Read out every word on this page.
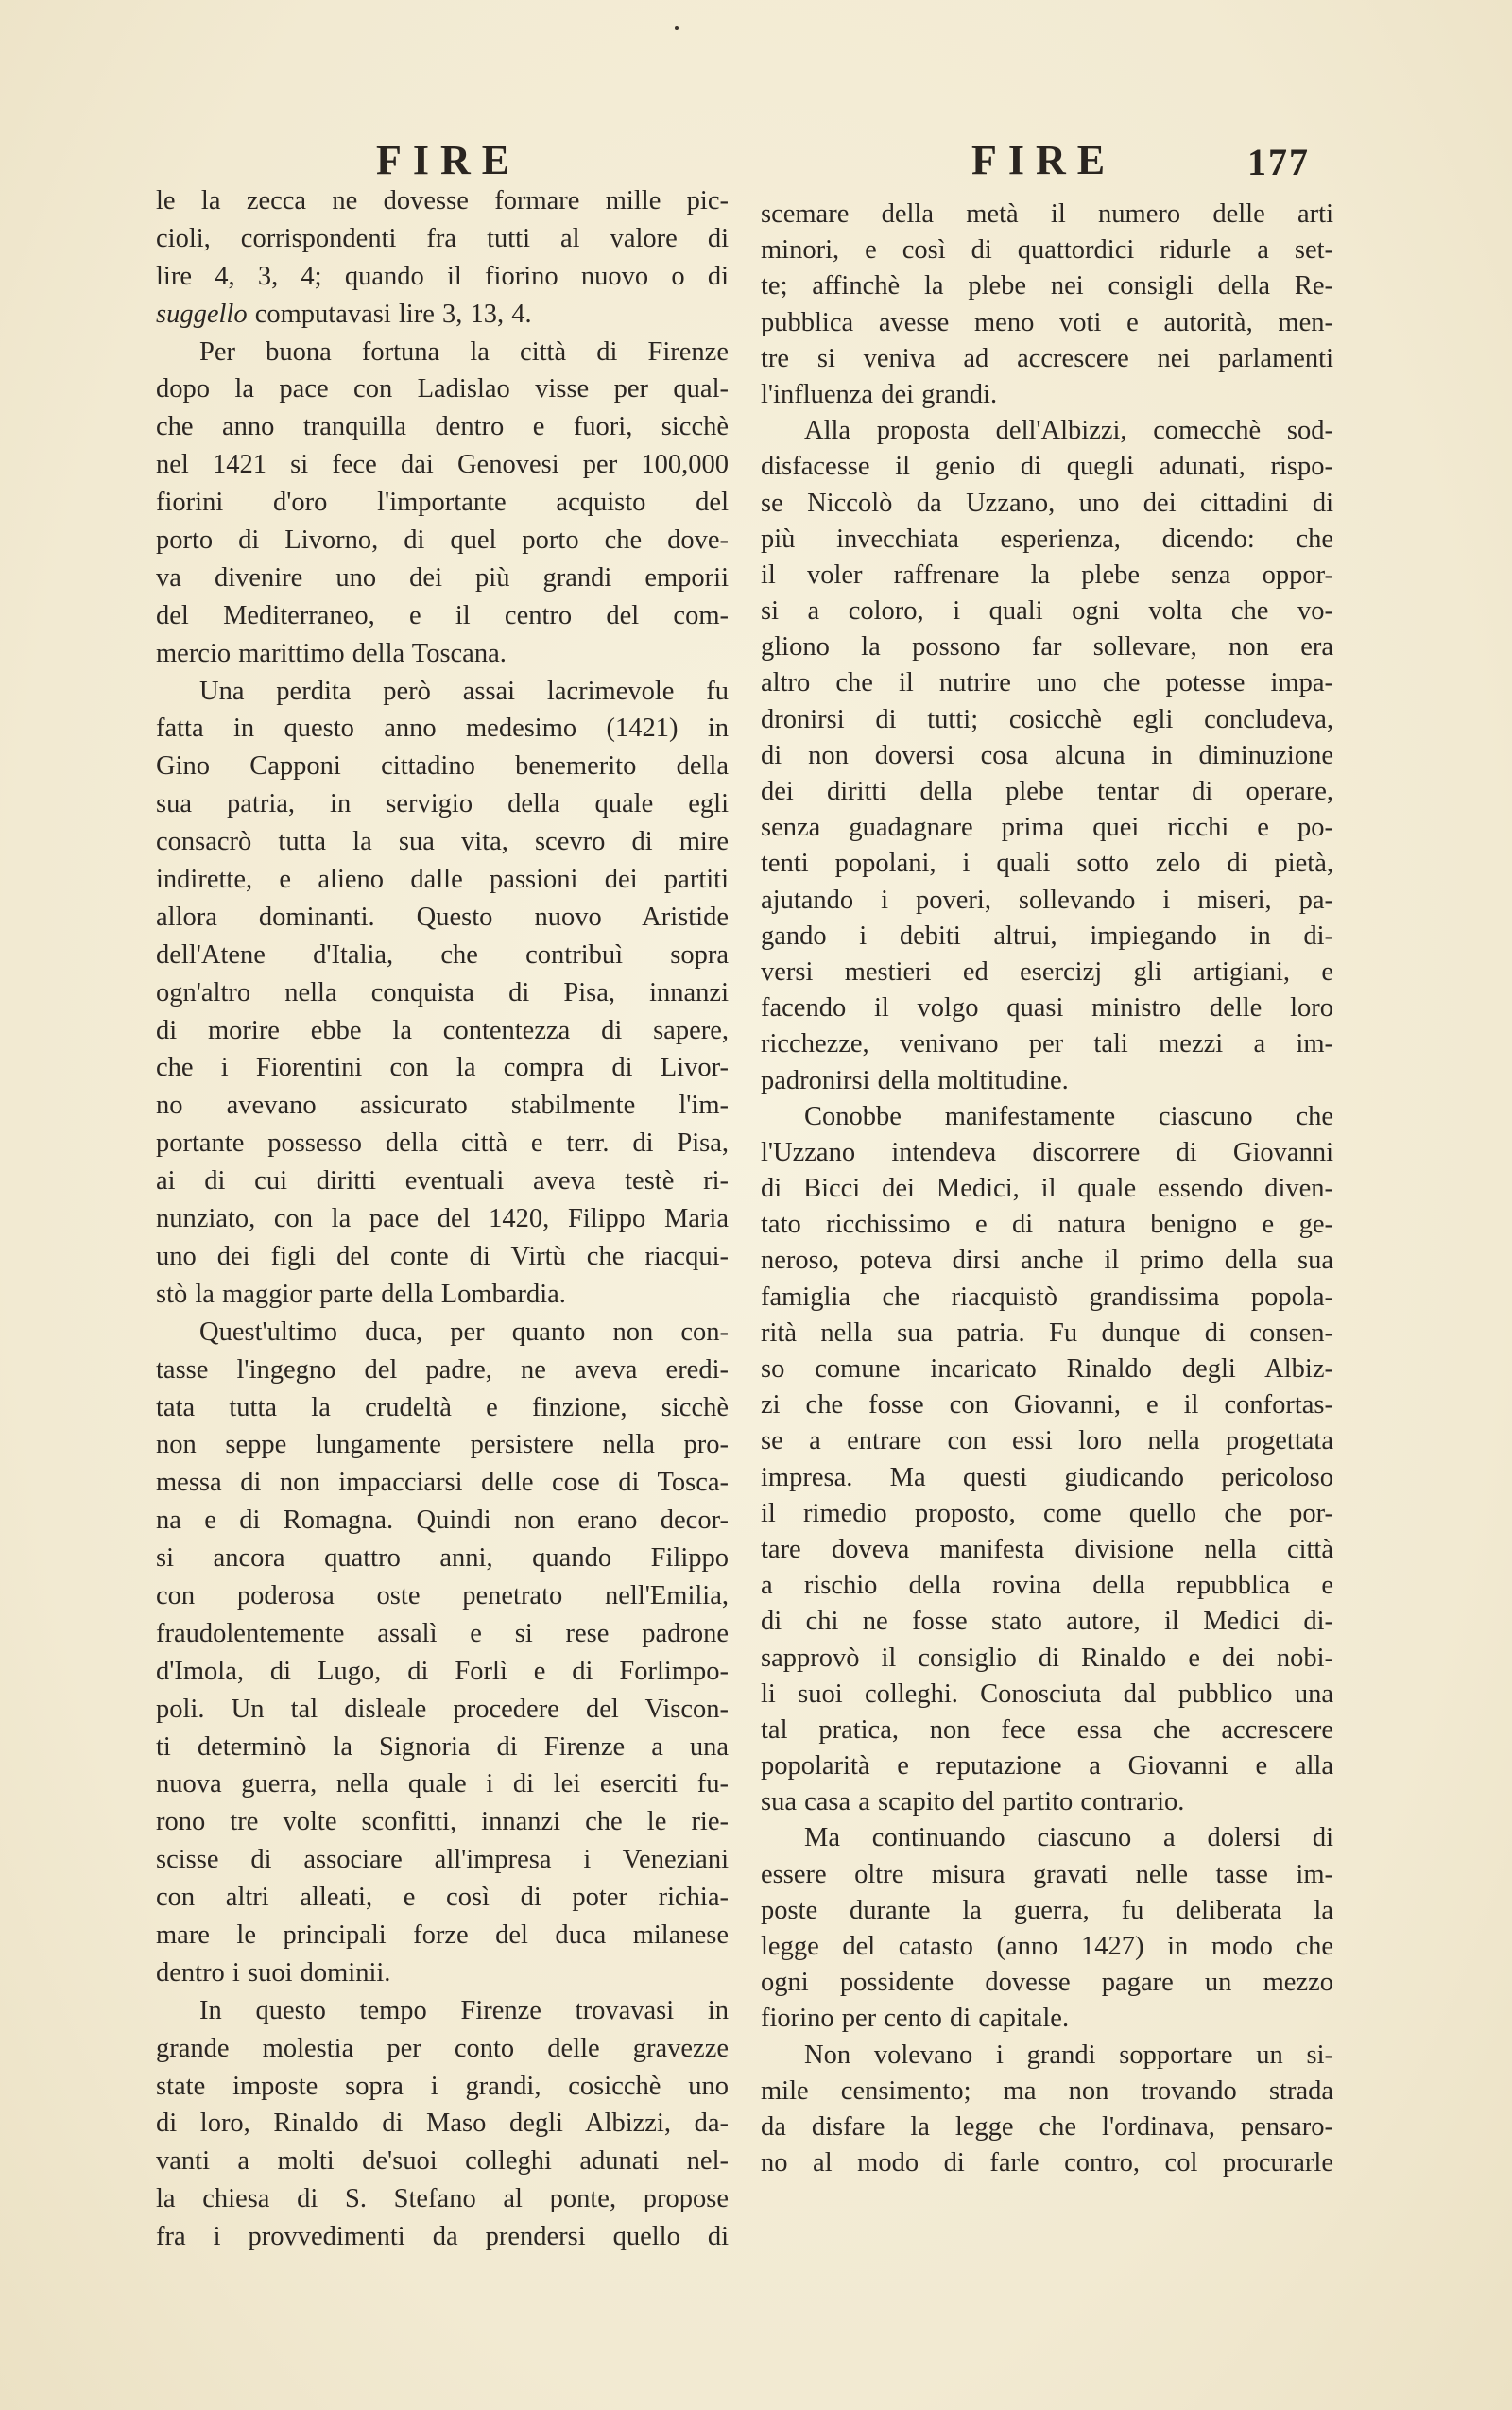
FIRE	FIRE	177
le la zecca ne dovesse formare mille pic-
cioli, corrispondenti fra tutti al valore di
lire 4, 3, 4; quando il fiorino nuovo o di
suggello computavasi lire 3, 13, 4.
Per buona fortuna la città di Firenze
dopo la pace con Ladislao visse per qual-
che anno tranquilla dentro e fuori, sicchè
nel 1421 si fece dai Genovesi per 100,000
fiorini d'oro l'importante acquisto del
porto di Livorno, di quel porto che dove-
va divenire uno dei più grandi emporii
del Mediterraneo, e il centro del com-
mercio marittimo della Toscana.
Una perdita però assai lacrimevole fu
fatta in questo anno medesimo (1421) in
Gino Capponi cittadino benemerito della
sua patria, in servigio della quale egli
consacrò tutta la sua vita, scevro di mire
indirette, e alieno dalle passioni dei partiti
allora dominanti. Questo nuovo Aristide
dell'Atene d'Italia, che contribuì sopra
ogn'altro nella conquista di Pisa, innanzi
di morire ebbe la contentezza di sapere,
che i Fiorentini con la compra di Livor-
no avevano assicurato stabilmente l'im-
portante possesso della città e terr. di Pisa,
ai di cui diritti eventuali aveva testè ri-
nunziato, con la pace del 1420, Filippo Maria
uno dei figli del conte di Virtù che riacqui-
stò la maggior parte della Lombardia.
Quest'ultimo duca, per quanto non con-
tasse l'ingegno del padre, ne aveva eredi-
tata tutta la crudeltà e finzione, sicchè
non seppe lungamente persistere nella pro-
messa di non impacciarsi delle cose di Tosca-
na e di Romagna. Quindi non erano decor-
si ancora quattro anni, quando Filippo
con poderosa oste penetrato nell'Emilia,
fraudolentemente assalì e si rese padrone
d'Imola, di Lugo, di Forlì e di Forlimpo-
poli. Un tal disleale procedere del Viscon-
ti determinò la Signoria di Firenze a una
nuova guerra, nella quale i di lei eserciti fu-
rono tre volte sconfitti, innanzi che le rie-
scisse di associare all'impresa i Veneziani
con altri alleati, e così di poter richia-
mare le principali forze del duca milanese
dentro i suoi dominii.
In questo tempo Firenze trovavasi in
grande molestia per conto delle gravezze
state imposte sopra i grandi, cosicchè uno
di loro, Rinaldo di Maso degli Albizzi, da-
vanti a molti de'suoi colleghi adunati nel-
la chiesa di S. Stefano al ponte, propose
fra i provvedimenti da prendersi quello di
scemare della metà il numero delle arti
minori, e così di quattordici ridurle a set-
te; affinchè la plebe nei consigli della Re-
pubblica avesse meno voti e autorità, men-
tre si veniva ad accrescere nei parlamenti
l'influenza dei grandi.
Alla proposta dell'Albizzi, comecchè sod-
disfacesse il genio di quegli adunati, rispo-
se Niccolò da Uzzano, uno dei cittadini di
più invecchiata esperienza, dicendo: che
il voler raffrenare la plebe senza oppor-
si a coloro, i quali ogni volta che vo-
gliono la possono far sollevare, non era
altro che il nutrire uno che potesse impa-
dronirsi di tutti; cosicchè egli concludeva,
di non doversi cosa alcuna in diminuzione
dei diritti della plebe tentar di operare,
senza guadagnare prima quei ricchi e po-
tenti popolani, i quali sotto zelo di pietà,
ajutando i poveri, sollevando i miseri, pa-
gando i debiti altrui, impiegando in di-
versi mestieri ed esercizj gli artigiani, e
facendo il volgo quasi ministro delle loro
ricchezze, venivano per tali mezzi a im-
padronirsi della moltitudine.
Conobbe manifestamente ciascuno che
l'Uzzano intendeva discorrere di Giovanni
di Bicci dei Medici, il quale essendo diven-
tato ricchissimo e di natura benigno e ge-
neroso, poteva dirsi anche il primo della sua
famiglia che riacquistò grandissima popola-
rità nella sua patria. Fu dunque di consen-
so comune incaricato Rinaldo degli Albiz-
zi che fosse con Giovanni, e il confortas-
se a entrare con essi loro nella progettata
impresa. Ma questi giudicando pericoloso
il rimedio proposto, come quello che por-
tare doveva manifesta divisione nella città
a rischio della rovina della repubblica e
di chi ne fosse stato autore, il Medici di-
sapprovò il consiglio di Rinaldo e dei nobi-
li suoi colleghi. Conosciuta dal pubblico una
tal pratica, non fece essa che accrescere
popolarità e reputazione a Giovanni e alla
sua casa a scapito del partito contrario.
Ma continuando ciascuno a dolersi di
essere oltre misura gravati nelle tasse im-
poste durante la guerra, fu deliberata la
legge del catasto (anno 1427) in modo che
ogni possidente dovesse pagare un mezzo
fiorino per cento di capitale.
Non volevano i grandi sopportare un si-
mile censimento; ma non trovando strada
da disfare la legge che l'ordinava, pensaro-
no al modo di farle contro, col procurarle
